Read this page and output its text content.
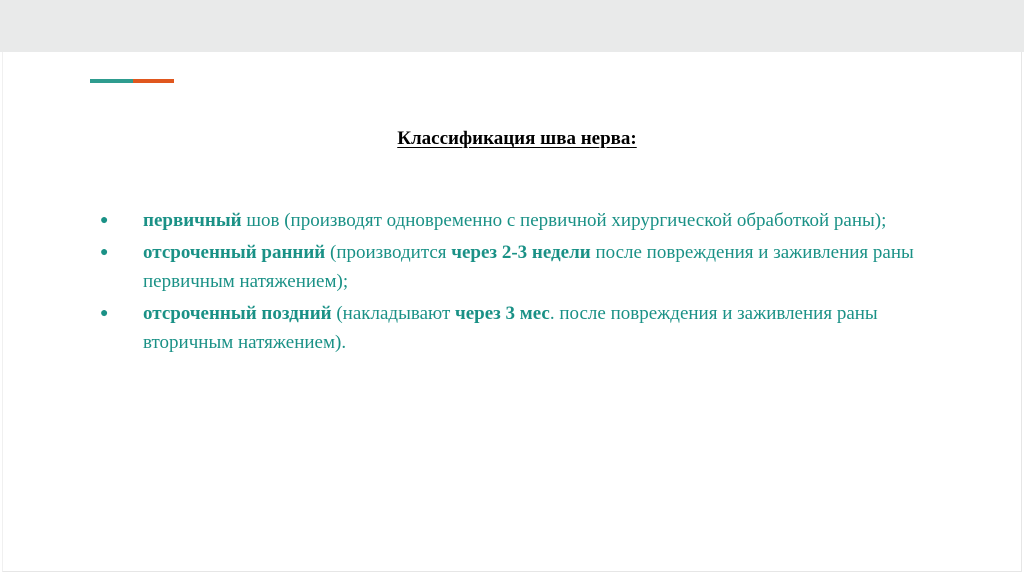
Классификация шва нерва:
● первичный шов (производят одновременно с первичной хирургической обработкой раны);
● отсроченный ранний (производится через 2-3 недели после повреждения и заживления раны первичным натяжением);
● отсроченный поздний (накладывают через 3 мес. после повреждения и заживления раны вторичным натяжением).
